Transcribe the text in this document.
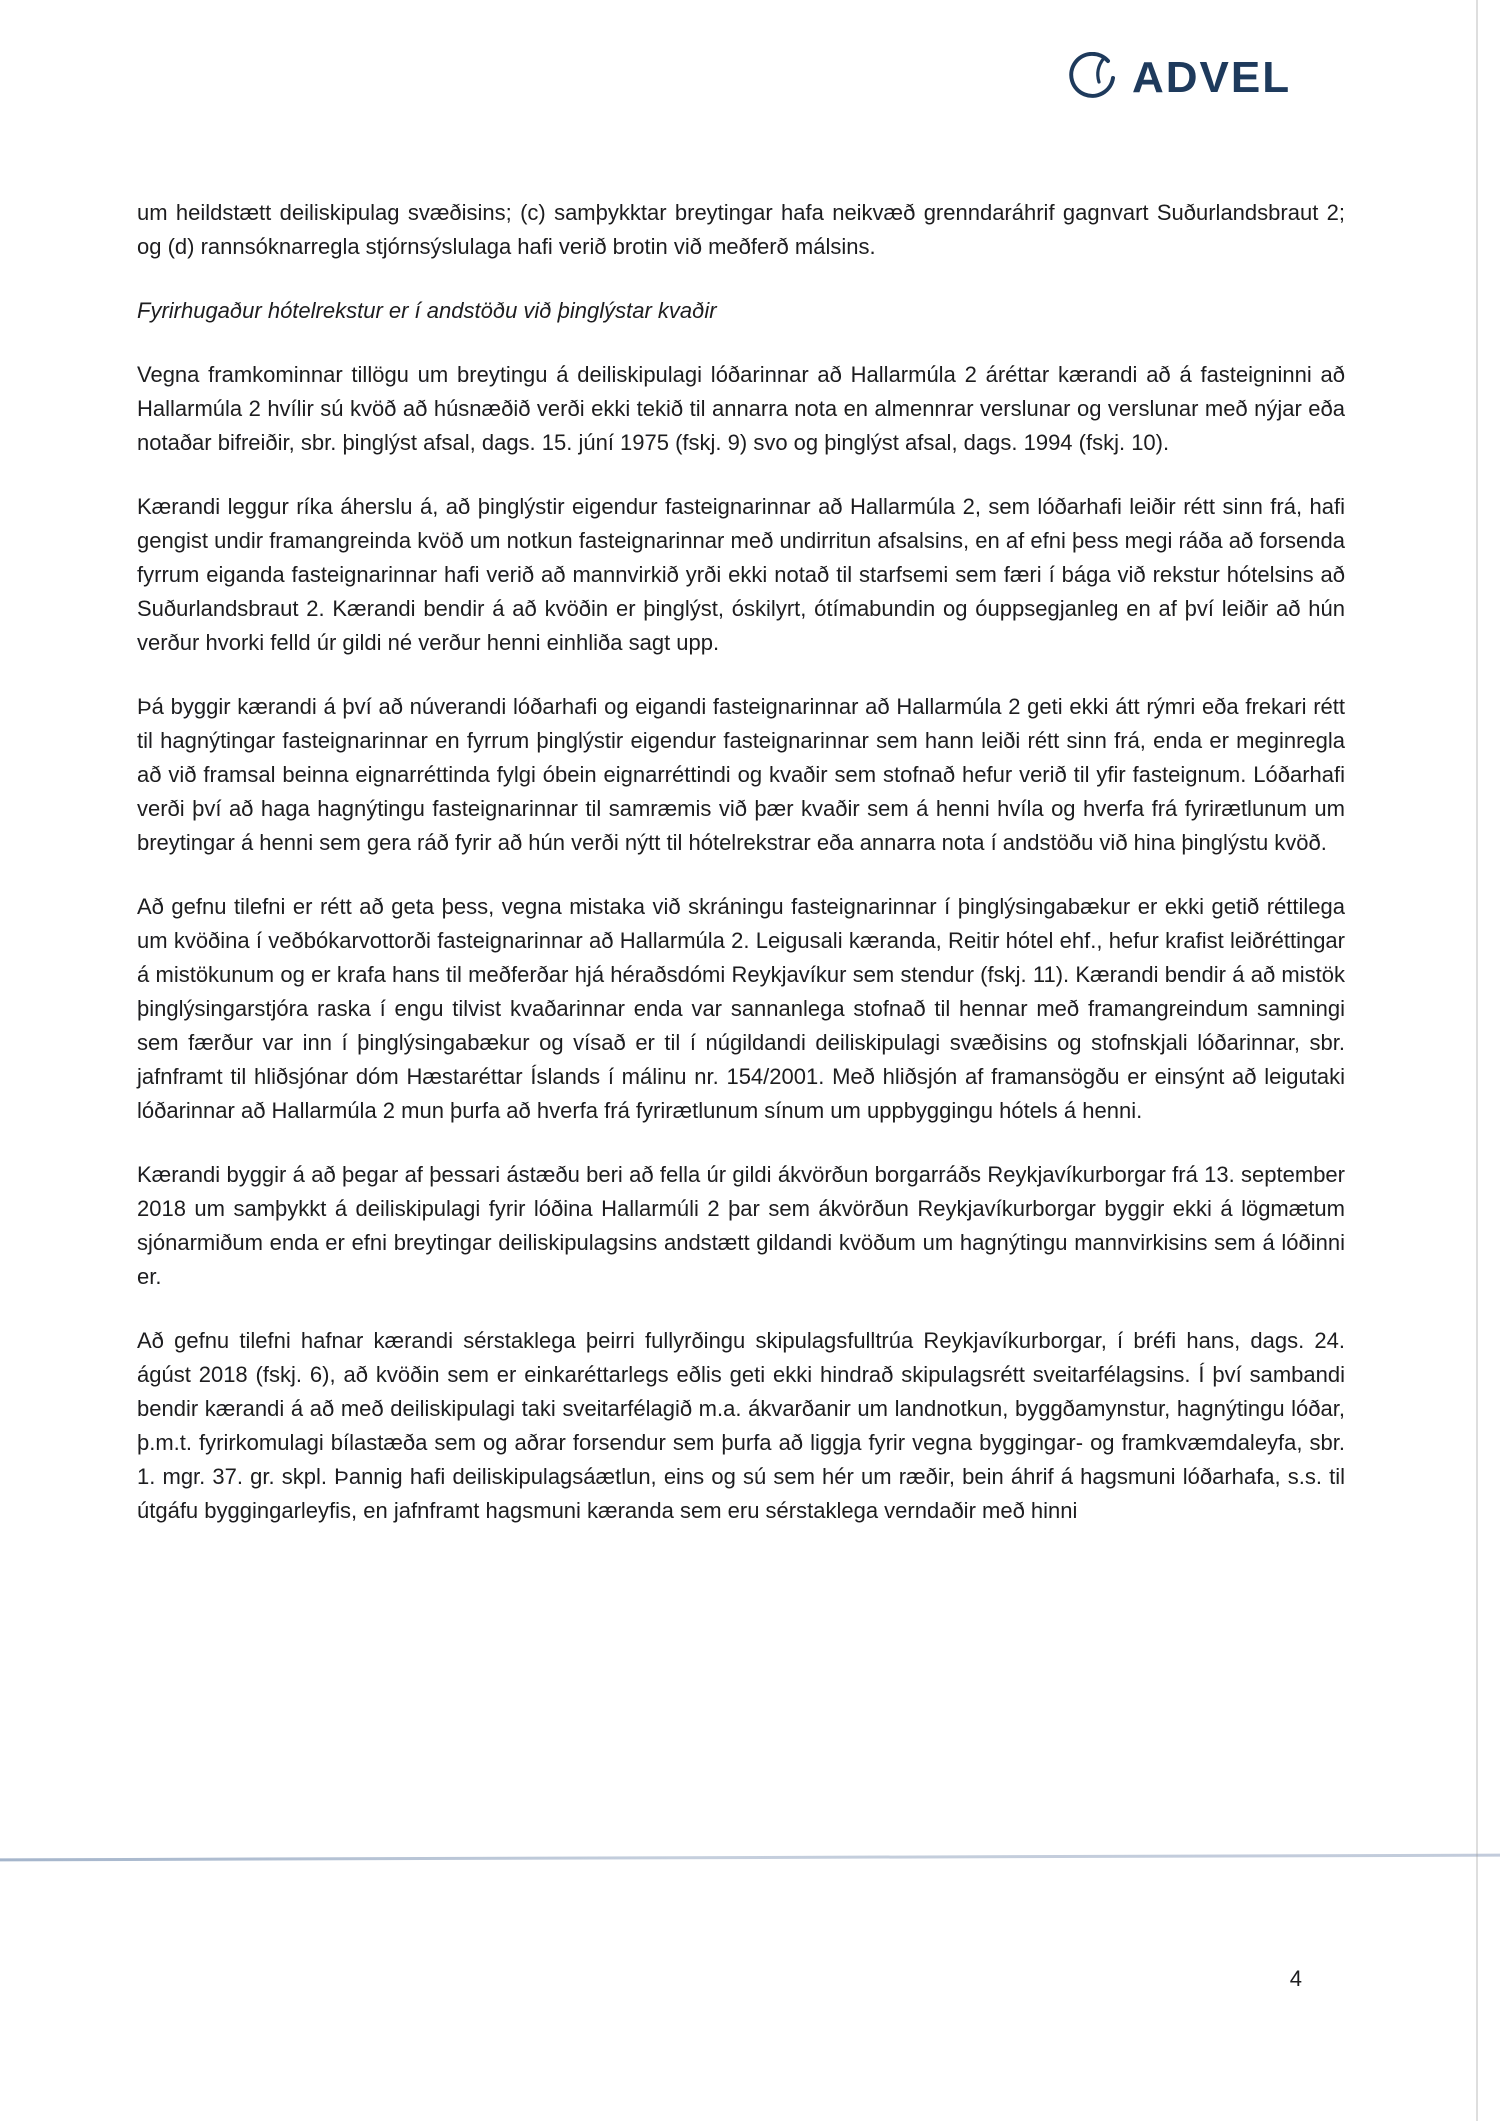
ADVEL

um heildstætt deiliskipulag svæðisins; (c) samþykktar breytingar hafa neikvæð grenndaráhrif gagnvart Suðurlandsbraut 2; og (d) rannsóknarregla stjórnsýslulaga hafi verið brotin við meðferð málsins.

Fyrirhugaður hótelrekstur er í andstöðu við þinglýstar kvaðir

Vegna framkominnar tillögu um breytingu á deiliskipulagi lóðarinnar að Hallarmúla 2 áréttar kærandi að á fasteigninni að Hallarmúla 2 hvílir sú kvöð að húsnæðið verði ekki tekið til annarra nota en almennrar verslunar og verslunar með nýjar eða notaðar bifreiðir, sbr. þinglýst afsal, dags. 15. júní 1975 (fskj. 9) svo og þinglýst afsal, dags. 1994 (fskj. 10).

Kærandi leggur ríka áherslu á, að þinglýstir eigendur fasteignarinnar að Hallarmúla 2, sem lóðarhafi leiðir rétt sinn frá, hafi gengist undir framangreinda kvöð um notkun fasteignarinnar með undirritun afsalsins, en af efni þess megi ráða að forsenda fyrrum eiganda fasteignarinnar hafi verið að mannvirkið yrði ekki notað til starfsemi sem færi í bága við rekstur hótelsins að Suðurlandsbraut 2. Kærandi bendir á að kvöðin er þinglýst, óskilyrt, ótímabundin og óuppsegjanleg en af því leiðir að hún verður hvorki felld úr gildi né verður henni einhliða sagt upp.

Þá byggir kærandi á því að núverandi lóðarhafi og eigandi fasteignarinnar að Hallarmúla 2 geti ekki átt rýmri eða frekari rétt til hagnýtingar fasteignarinnar en fyrrum þinglýstir eigendur fasteignarinnar sem hann leiði rétt sinn frá, enda er meginregla að við framsal beinna eignarréttinda fylgi óbein eignarréttindi og kvaðir sem stofnað hefur verið til yfir fasteignum. Lóðarhafi verði því að haga hagnýtingu fasteignarinnar til samræmis við þær kvaðir sem á henni hvíla og hverfa frá fyrirætlunum um breytingar á henni sem gera ráð fyrir að hún verði nýtt til hótelrekstrar eða annarra nota í andstöðu við hina þinglýstu kvöð.

Að gefnu tilefni er rétt að geta þess, vegna mistaka við skráningu fasteignarinnar í þinglýsingabækur er ekki getið réttilega um kvöðina í veðbókarvottorði fasteignarinnar að Hallarmúla 2. Leigusali kæranda, Reitir hótel ehf., hefur krafist leiðréttingar á mistökunum og er krafa hans til meðferðar hjá héraðsdómi Reykjavíkur sem stendur (fskj. 11). Kærandi bendir á að mistök þinglýsingarstjóra raska í engu tilvist kvaðarinnar enda var sannanlega stofnað til hennar með framangreindum samningi sem færður var inn í þinglýsingabækur og vísað er til í núgildandi deiliskipulagi svæðisins og stofnskjali lóðarinnar, sbr. jafnframt til hliðsjónar dóm Hæstaréttar Íslands í málinu nr. 154/2001. Með hliðsjón af framansögðu er einsýnt að leigutaki lóðarinnar að Hallarmúla 2 mun þurfa að hverfa frá fyrirætlunum sínum um uppbyggingu hótels á henni.

Kærandi byggir á að þegar af þessari ástæðu beri að fella úr gildi ákvörðun borgarráðs Reykjavíkurborgar frá 13. september 2018 um samþykkt á deiliskipulagi fyrir lóðina Hallarmúli 2 þar sem ákvörðun Reykjavíkurborgar byggir ekki á lögmætum sjónarmiðum enda er efni breytingar deiliskipulagsins andstætt gildandi kvöðum um hagnýtingu mannvirkisins sem á lóðinni er.

Að gefnu tilefni hafnar kærandi sérstaklega þeirri fullyrðingu skipulagsfulltrúa Reykjavíkurborgar, í bréfi hans, dags. 24. ágúst 2018 (fskj. 6), að kvöðin sem er einkaréttarlegs eðlis geti ekki hindrað skipulagsrétt sveitarfélagsins. Í því sambandi bendir kærandi á að með deiliskipulagi taki sveitarfélagið m.a. ákvarðanir um landnotkun, byggðamynstur, hagnýtingu lóðar, þ.m.t. fyrirkomulagi bílastæða sem og aðrar forsendur sem þurfa að liggja fyrir vegna byggingar- og framkvæmdaleyfa, sbr. 1. mgr. 37. gr. skpl. Þannig hafi deiliskipulagsáætlun, eins og sú sem hér um ræðir, bein áhrif á hagsmuni lóðarhafa, s.s. til útgáfu byggingarleyfis, en jafnframt hagsmuni kæranda sem eru sérstaklega verndaðir með hinni

4
